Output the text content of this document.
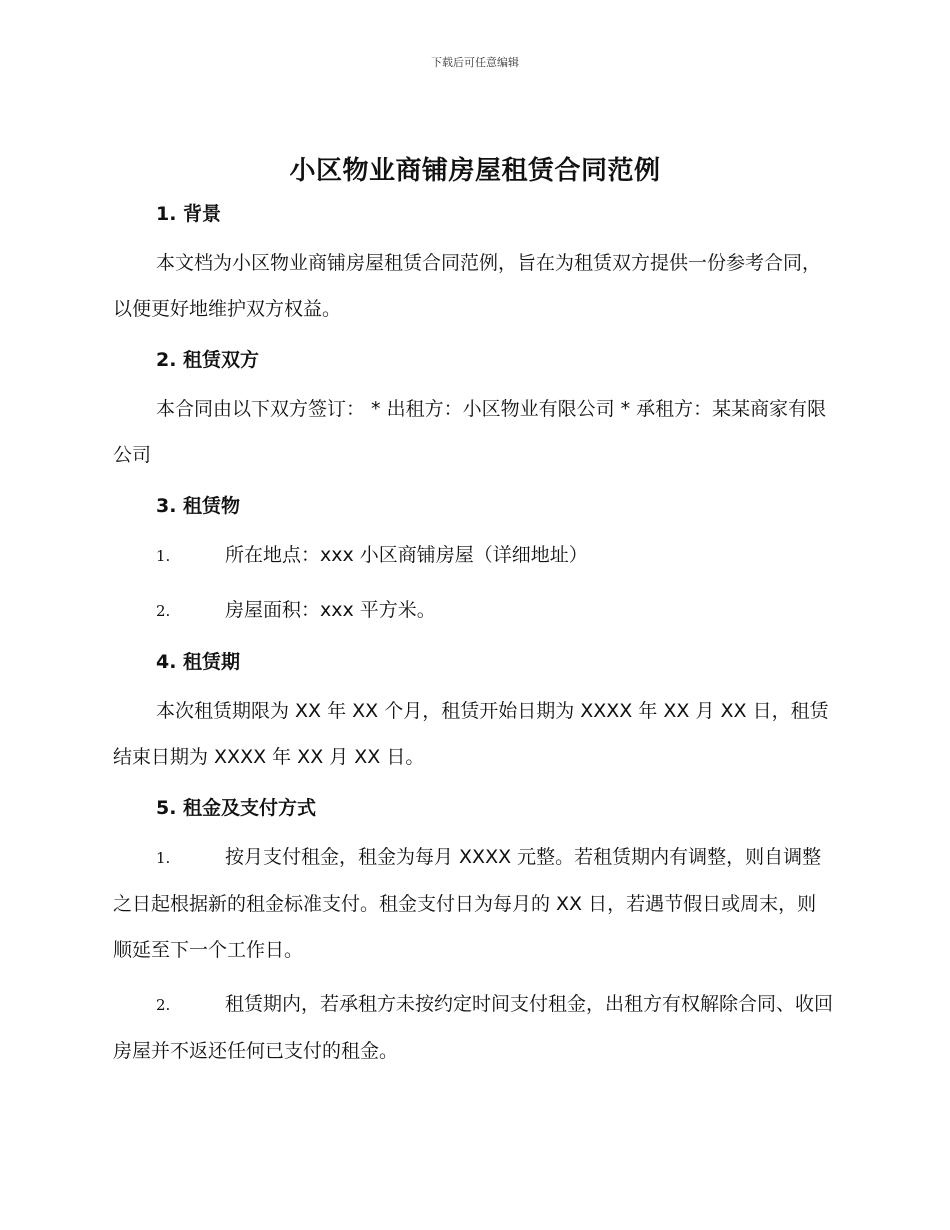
下载后可任意编辑
小区物业商铺房屋租赁合同范例
1. 背景

本文档为小区物业商铺房屋租赁合同范例，旨在为租赁双方提供一份参考合同，以便更好地维护双方权益。

2. 租赁双方

本合同由以下双方签订： * 出租方：小区物业有限公司 * 承租方：某某商家有限公司

3. 租赁物

1.	所在地点：xxx 小区商铺房屋（详细地址）

2.	房屋面积：xxx 平方米。

4. 租赁期

本次租赁期限为 XX 年 XX 个月，租赁开始日期为 XXXX 年 XX 月 XX 日，租赁结束日期为 XXXX 年 XX 月 XX 日。

5. 租金及支付方式

1.	按月支付租金，租金为每月 XXXX 元整。若租赁期内有调整，则自调整之日起根据新的租金标准支付。租金支付日为每月的 XX 日，若遇节假日或周末，则顺延至下一个工作日。

2.	租赁期内，若承租方未按约定时间支付租金，出租方有权解除合同、收回房屋并不返还任何已支付的租金。
